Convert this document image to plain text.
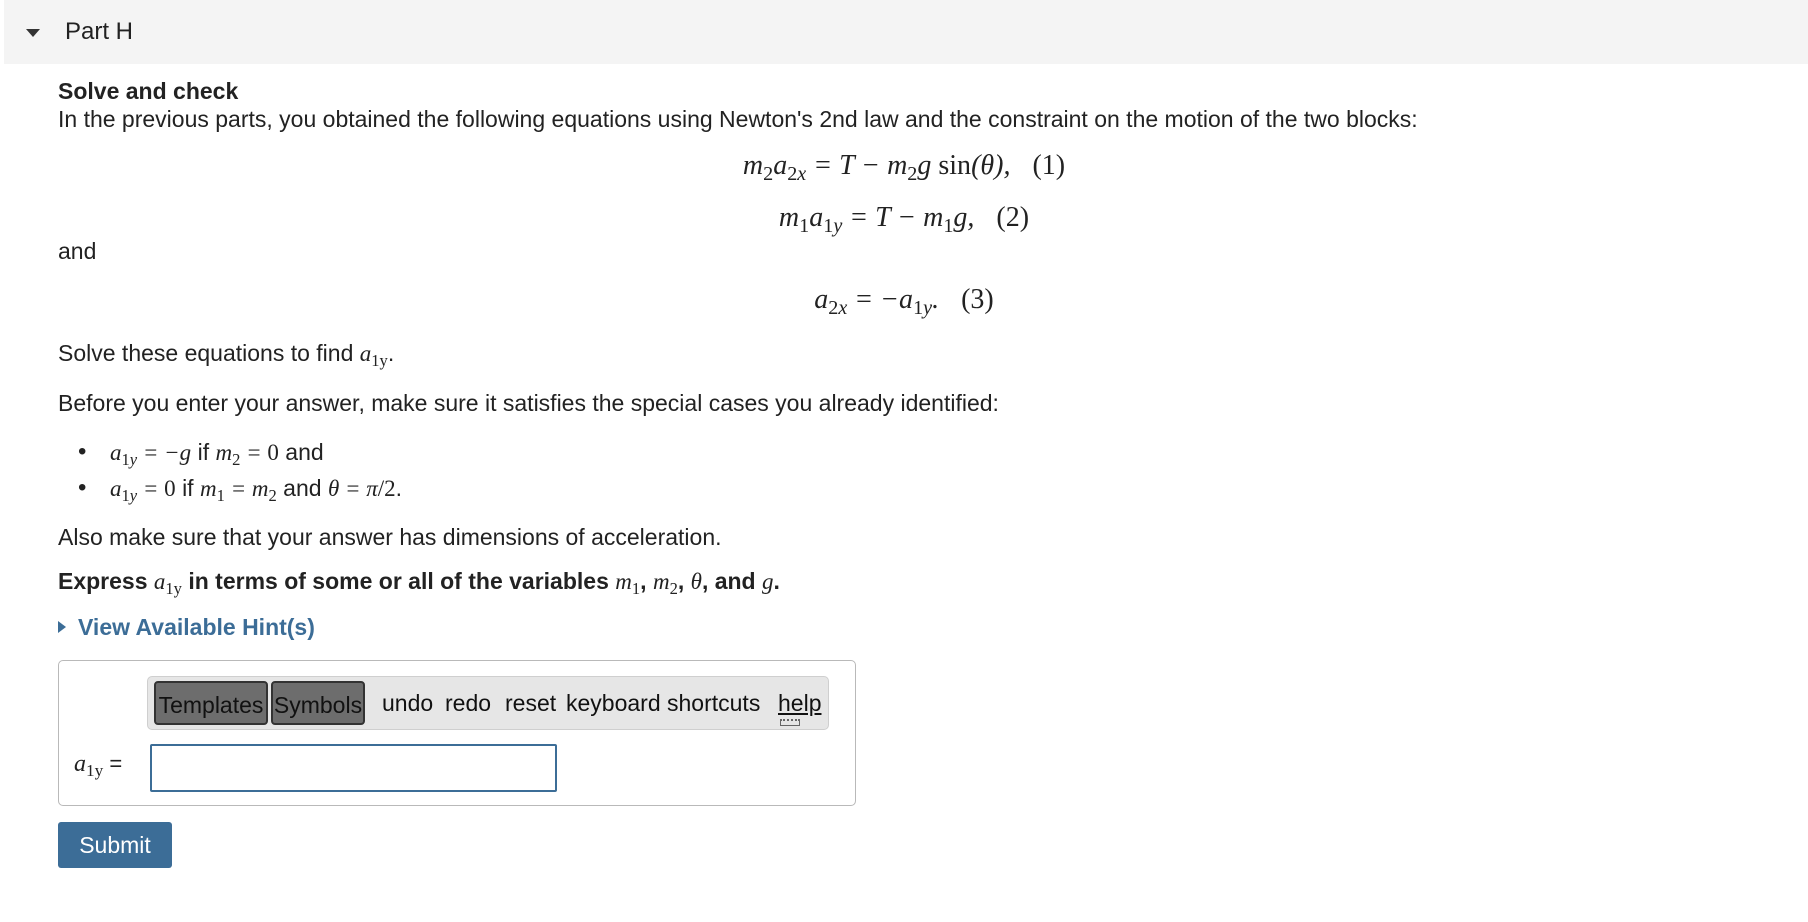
Part H
Solve and check
In the previous parts, you obtained the following equations using Newton's 2nd law and the constraint on the motion of the two blocks:
$m_2a_{2x} = T - m_2g$ sin(θ), (1)
$m_1a_{1y} = T - m_1g$, (2)
and
$a_{2x} = -a_{1y}$. (3)
Solve these equations to find $a_{1y}$.
Before you enter your answer, make sure it satisfies the special cases you already identified:
• $a_{1y} = -g$ if $m_2 = 0$ and
• $a_{1y} = 0$ if $m_1 = m_2$ and θ = π/2.
Also make sure that your answer has dimensions of acceleration.
Express $a_{1y}$ in terms of some or all of the variables $m_1$, $m_2$, θ, and g.
View Available Hint(s)
Templates Symbols undo redo reset keyboard shortcuts help
$a_{1y}$ =
Submit
